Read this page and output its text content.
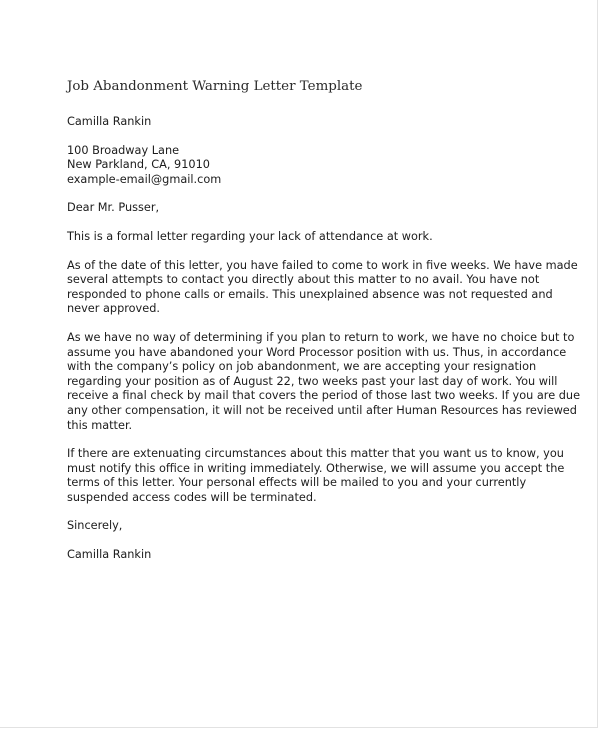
Job Abandonment Warning Letter Template
Camilla Rankin
100 Broadway Lane
New Parkland, CA, 91010
example-email@gmail.com
Dear Mr. Pusser,

This is a formal letter regarding your lack of attendance at work.

As of the date of this letter, you have failed to come to work in five weeks. We have made
several attempts to contact you directly about this matter to no avail. You have not
responded to phone calls or emails. This unexplained absence was not requested and
never approved.

As we have no way of determining if you plan to return to work, we have no choice but to
assume you have abandoned your Word Processor position with us. Thus, in accordance
with the company’s policy on job abandonment, we are accepting your resignation
regarding your position as of August 22, two weeks past your last day of work. You will
receive a final check by mail that covers the period of those last two weeks. If you are due
any other compensation, it will not be received until after Human Resources has reviewed
this matter.

If there are extenuating circumstances about this matter that you want us to know, you
must notify this office in writing immediately. Otherwise, we will assume you accept the
terms of this letter. Your personal effects will be mailed to you and your currently
suspended access codes will be terminated.

Sincerely,
Camilla Rankin
